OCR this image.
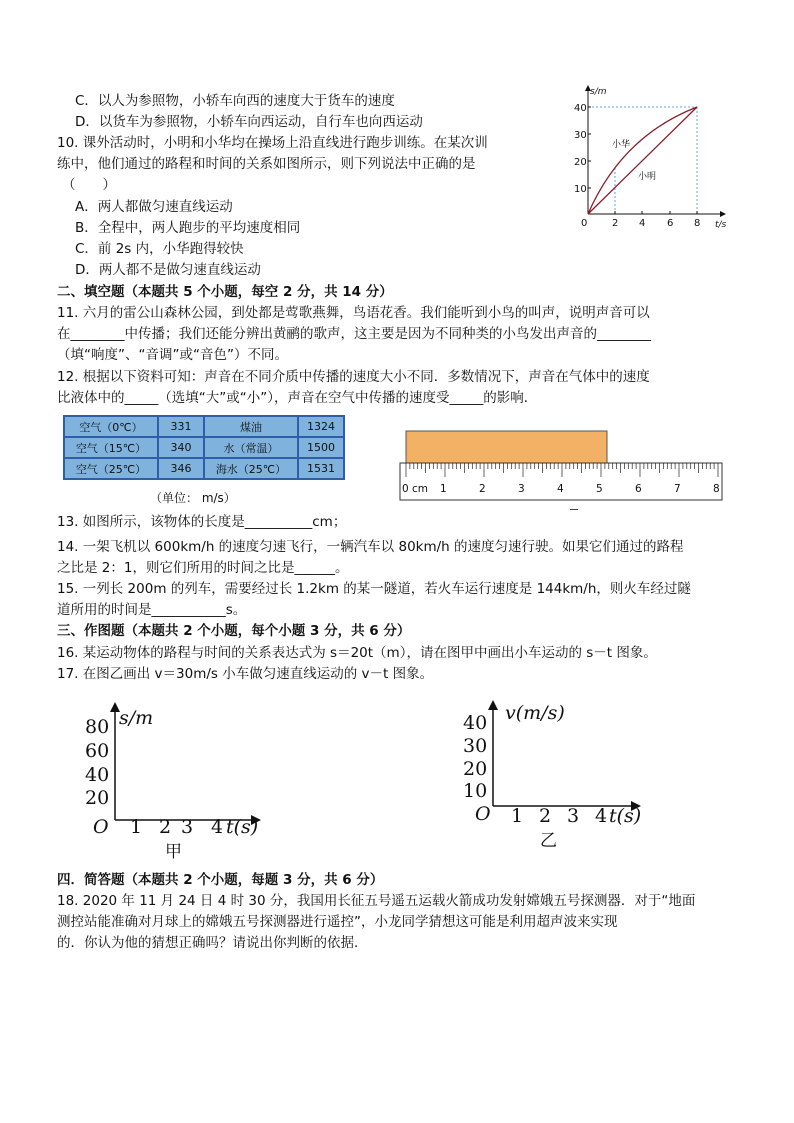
C．以人为参照物，小轿车向西的速度大于货车的速度
D．以货车为参照物，小轿车向西运动，自行车也向西运动
10. 课外活动时，小明和小华均在操场上沿直线进行跑步训练。在某次训
练中，他们通过的路程和时间的关系如图所示，则下列说法中正确的是
（　　）
A．两人都做匀速直线运动
B．全程中，两人跑步的平均速度相同
C．前 2s 内，小华跑得较快
D．两人都不是做匀速直线运动
10
20
30
40
0 2 4 6 8
s/m
t/s
小华
小明
二、填空题（本题共 5 个小题，每空 2 分，共 14 分）
11. 六月的雷公山森林公园，到处都是莺歌燕舞，鸟语花香。我们能听到小鸟的叫声，说明声音可以
在________中传播；我们还能分辨出黄鹂的歌声，这主要是因为不同种类的小鸟发出声音的________
（填“响度”、“音调”或“音色”）不同。
12. 根据以下资料可知：声音在不同介质中传播的速度大小不同．多数情况下，声音在气体中的速度
比液体中的_____（选填“大”或“小”），声音在空气中传播的速度受_____的影响．
空气（0℃）	331	煤油	1324
空气（15℃）	340	水（常温）	1500
空气（25℃）	346	海水（25℃）	1531
（单位： m/s）
0 cm 1	2	3	4	5	6	7	8
13. 如图所示，该物体的长度是__________cm；
14. 一架飞机以 600km/h 的速度匀速飞行，一辆汽车以 80km/h 的速度匀速行驶。如果它们通过的路程
之比是 2：1，则它们所用的时间之比是______。
15. 一列长 200m 的列车，需要经过长 1.2km 的某一隧道，若火车运行速度是 144km/h，则火车经过隧
道所用的时间是___________s。
三、作图题（本题共 2 个小题，每个小题 3 分，共 6 分）
16. 某运动物体的路程与时间的关系表达式为 s＝20t（m），请在图甲中画出小车运动的 s－t 图象。
17. 在图乙画出 v＝30m/s 小车做匀速直线运动的 v－t 图象。
80
60
40
20
O 1 2 3 4 t(s)
s/m
甲
40
30
20
10
O 1 2 3 4 t(s)
v(m/s)
乙
四．简答题（本题共 2 个小题，每题 3 分，共 6 分）
18. 2020 年 11 月 24 日 4 时 30 分，我国用长征五号遥五运载火箭成功发射嫦娥五号探测器．对于“地面
测控站能准确对月球上的嫦娥五号探测器进行遥控”，小龙同学猜想这可能是利用超声波来实现
的．你认为他的猜想正确吗？请说出你判断的依据．
